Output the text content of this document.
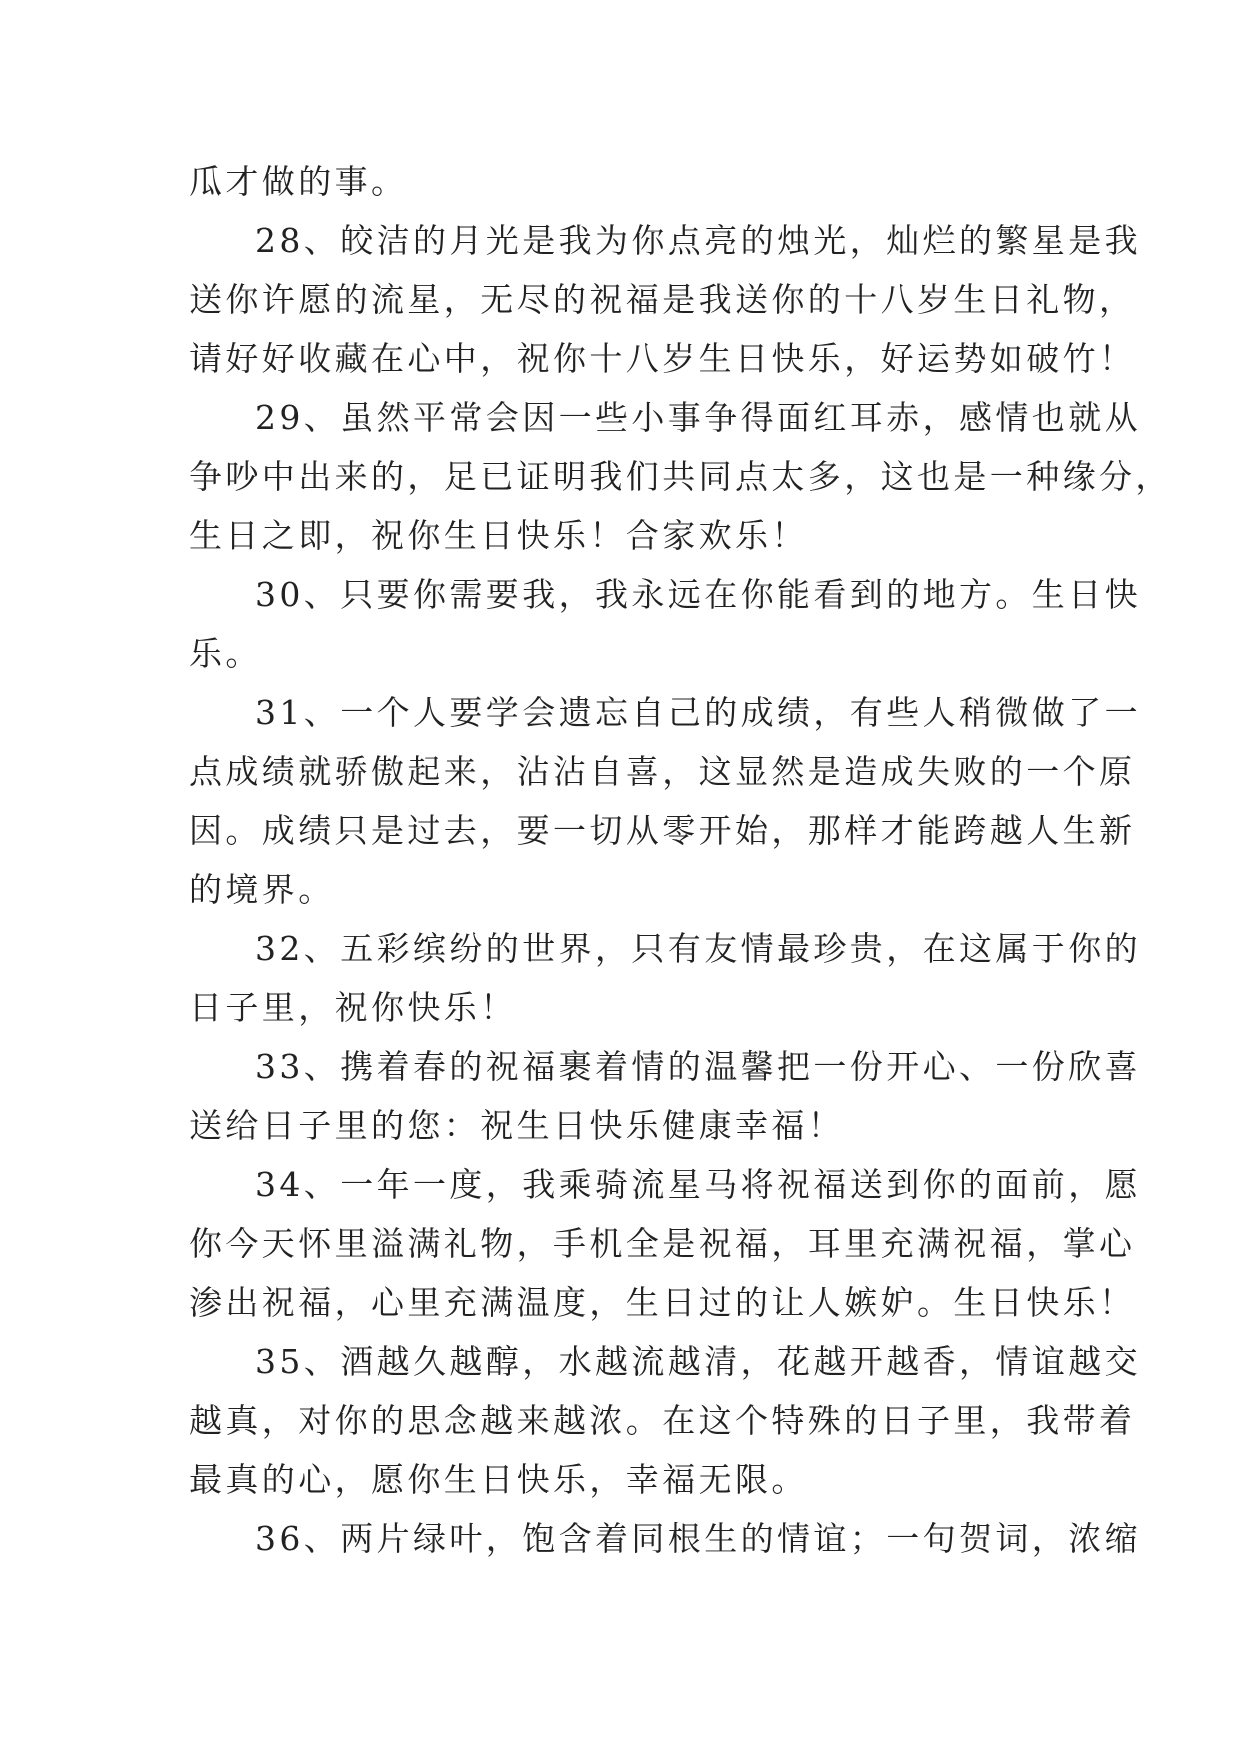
瓜才做的事。
28、皎洁的月光是我为你点亮的烛光，灿烂的繁星是我
送你许愿的流星，无尽的祝福是我送你的十八岁生日礼物，
请好好收藏在心中，祝你十八岁生日快乐，好运势如破竹！
29、虽然平常会因一些小事争得面红耳赤，感情也就从
争吵中出来的，足已证明我们共同点太多，这也是一种缘分，
生日之即，祝你生日快乐！合家欢乐！
30、只要你需要我，我永远在你能看到的地方。生日快
乐。
31、一个人要学会遗忘自己的成绩，有些人稍微做了一
点成绩就骄傲起来，沾沾自喜，这显然是造成失败的一个原
因。成绩只是过去，要一切从零开始，那样才能跨越人生新
的境界。
32、五彩缤纷的世界，只有友情最珍贵，在这属于你的
日子里，祝你快乐！
33、携着春的祝福裹着情的温馨把一份开心、一份欣喜
送给日子里的您：祝生日快乐健康幸福！
34、一年一度，我乘骑流星马将祝福送到你的面前，愿
你今天怀里溢满礼物，手机全是祝福，耳里充满祝福，掌心
渗出祝福，心里充满温度，生日过的让人嫉妒。生日快乐！
35、酒越久越醇，水越流越清，花越开越香，情谊越交
越真，对你的思念越来越浓。在这个特殊的日子里，我带着
最真的心，愿你生日快乐，幸福无限。
36、两片绿叶，饱含着同根生的情谊；一句贺词，浓缩
